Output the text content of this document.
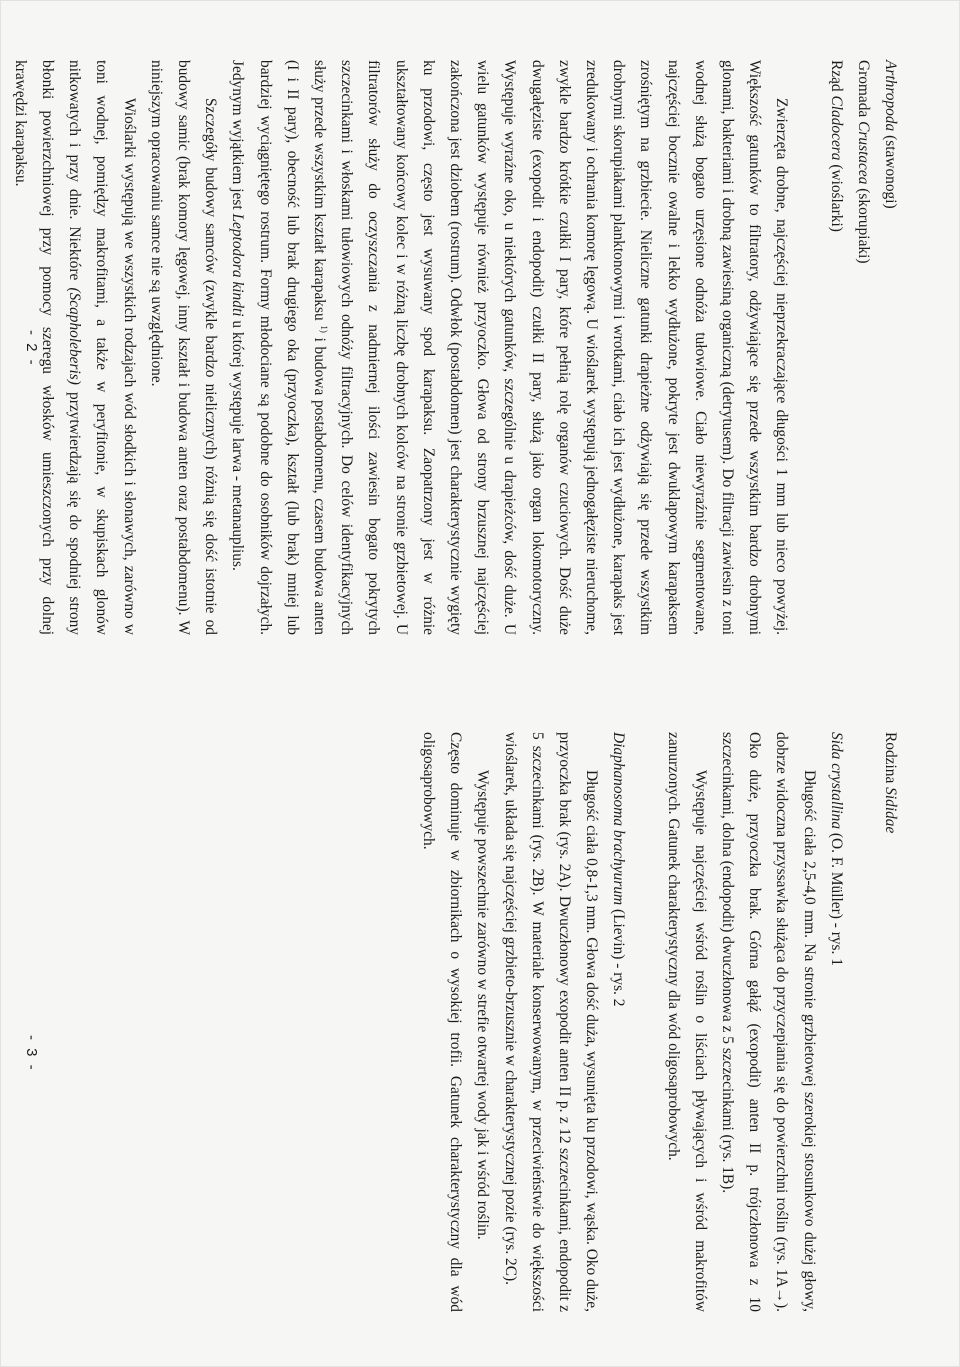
Arthropoda (stawonogi)

Gromada Crustacea (skorupiaki)

Rząd Cladocera (wioślarki)

Zwierzęta drobne, najczęściej nieprzekraczające długości 1 mm lub nieco powyżej. Większość gatunków to filtratory, odżywiające się przede wszystkim bardzo drobnymi glonami, bakteriami i drobną zawiesiną organiczną (detrytusem). Do filtracji zawiesin z toni wodnej służą bogato urzęsione odnóża tułowiowe. Ciało niewyraźnie segmentowane, najczęściej bocznie owalne i lekko wydłużone, pokryte jest dwuklapowym karapaksem zrośniętym na grzbiecie. Nieliczne gatunki drapieżne odżywiają się przede wszystkim drobnymi skorupiakami planktonowymi i wrotkami, ciało ich jest wydłużone, karapaks jest zredukowany i ochrania komorę lęgową. U wioślarek występują jednogałęziste nieruchome, zwykle bardzo krótkie czułki I pary, które pełnią rolę organów czuciowych. Dość duże dwugałęziste (exopodit i endopodit) czułki II pary, służą jako organ lokomotoryczny. Występuje wyraźne oko, u niektórych gatunków, szczególnie u drapieżców, dość duże. U wielu gatunków występuje również przyoczko. Głowa od strony brzusznej najczęściej zakończona jest dziobem (rostrum). Odwłok (postabdomen) jest charakterystycznie wygięty ku przodowi, często jest wysuwany spod karapaksu. Zaopatrzony jest w różnie ukształtowany końcowy kolec i w różną liczbę drobnych kolców na stronie grzbietowej. U filtratorów służy do oczyszczania z nadmiernej ilości zawiesin bogato pokrytych szczecinkami i włoskami tułowiowych odnóży filtracyjnych. Do celów identyfikacyjnych służy przede wszystkim kształt karapaksu $^{1)}$ i budowa postabdomenu, czasem budowa anten (I i II pary), obecność lub brak drugiego oka (przyoczka), kształt (lub brak) mniej lub bardziej wyciągniętego rostrum. Formy młodociane są podobne do osobników dojrzałych. Jedynym wyjątkiem jest Leptodora kindti u której występuje larwa - metanauplius.

Szczegóły budowy samców (zwykle bardzo nielicznych) różnią się dość istotnie od budowy samic (brak komory lęgowej, inny kształt i budowa anten oraz postabdomenu). W niniejszym opracowaniu samce nie są uwzględnione.

Wioślarki występują we wszystkich rodzajach wód słodkich i słonawych, zarówno w toni wodnej, pomiędzy makrofitami, a także w peryfitonie, w skupiskach glonów nitkowatych i przy dnie. Niektóre (Scapholeberis) przytwierdzają się do spodniej strony błonki powierzchniowej przy pomocy szeregu włosków umieszczonych przy dolnej krawędzi karapaksu.

Rodzina Sididae

Sida crystallina (O. F. Müller) - rys. 1

Długość ciała 2,5-4,0 mm. Na stronie grzbietowej szerokiej stosunkowo dużej głowy, dobrze widoczna przyssawka służąca do przyczepiania się do powierzchni roślin (rys. 1A→). Oko duże, przyoczka brak. Górna gałąź (exopodit) anten II p. trójczłonowa z 10 szczecinkami, dolna (endopodit) dwuczłonowa z 5 szczecinkami (rys. 1B).

Występuje najczęściej wśród roślin o liściach pływających i wśród makrofitów zanurzonych. Gatunek charakterystyczny dla wód oligosaprobowych.

Diaphanosoma brachyurum (Lievin) - rys. 2

Długość ciała 0,8-1,3 mm. Głowa dość duża, wysunięta ku przodowi, wąska. Oko duże, przyoczka brak (rys. 2A). Dwuczłonowy exopodit anten II p. z 12 szczecinkami, endopodit z 5 szczecinkami (rys. 2B). W materiale konserwowanym, w przeciwieństwie do większości wioślarek, układa się najczęściej grzbieto-brzusznie w charakterystycznej pozie (rys. 2C).

Występuje powszechnie zarówno w strefie otwartej wody jak i wśród roślin.

Często dominuje w zbiornikach o wysokiej trofii. Gatunek charakterystyczny dla wód oligosaprobowych.

- 2 -
- 3 -
